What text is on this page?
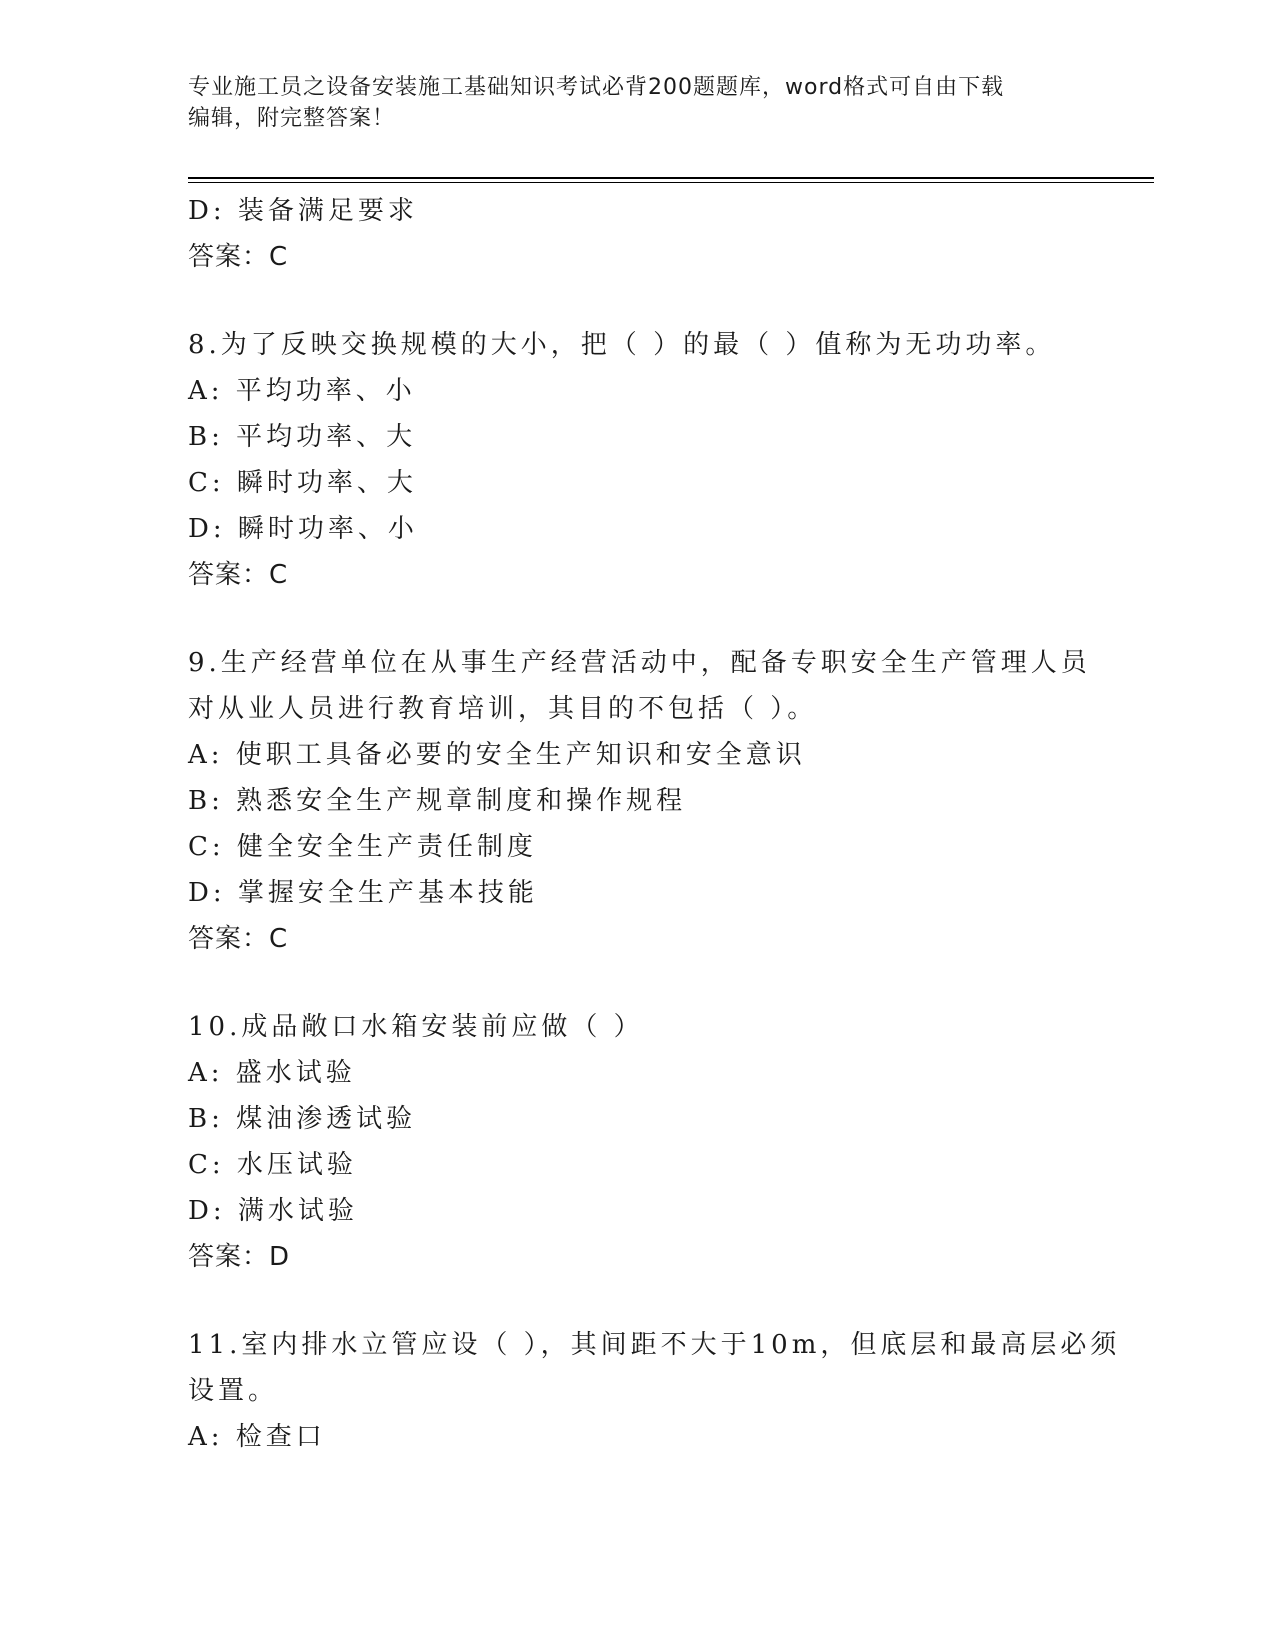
专业施工员之设备安装施工基础知识考试必背200题题库，word格式可自由下载
编辑，附完整答案！
D: 装备满足要求
答案：C
8.为了反映交换规模的大小，把（ ）的最（ ）值称为无功功率。
A: 平均功率、小
B: 平均功率、大
C: 瞬时功率、大
D: 瞬时功率、小
答案：C
9.生产经营单位在从事生产经营活动中，配备专职安全生产管理人员
对从业人员进行教育培训，其目的不包括（ ）。
A: 使职工具备必要的安全生产知识和安全意识
B: 熟悉安全生产规章制度和操作规程
C: 健全安全生产责任制度
D: 掌握安全生产基本技能
答案：C
10.成品敞口水箱安装前应做（ ）
A: 盛水试验
B: 煤油渗透试验
C: 水压试验
D: 满水试验
答案：D
11.室内排水立管应设（ ），其间距不大于10m，但底层和最高层必须
设置。
A: 检查口
